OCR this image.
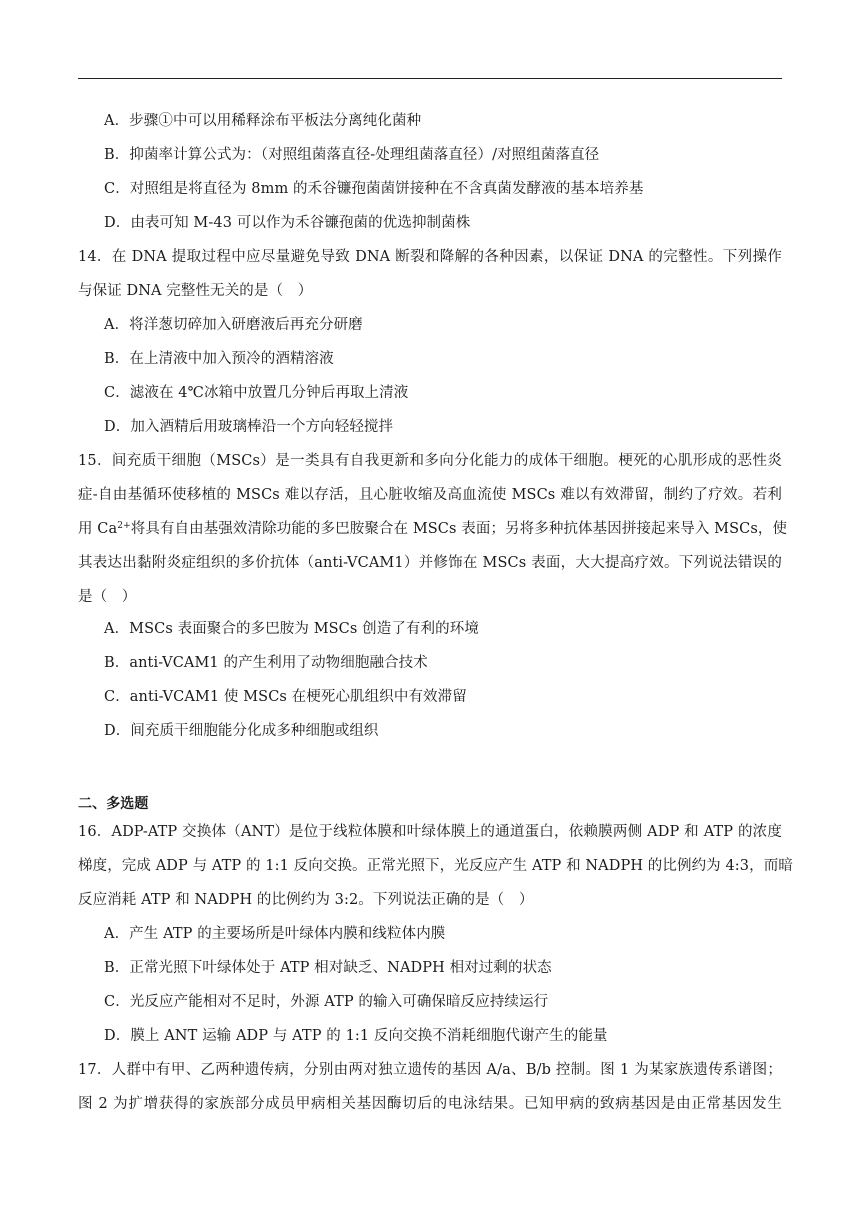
A．步骤①中可以用稀释涂布平板法分离纯化菌种
B．抑菌率计算公式为：（对照组菌落直径-处理组菌落直径）/对照组菌落直径
C．对照组是将直径为 8mm 的禾谷镰孢菌菌饼接种在不含真菌发酵液的基本培养基
D．由表可知 M-43 可以作为禾谷镰孢菌的优选抑制菌株
14．在 DNA 提取过程中应尽量避免导致 DNA 断裂和降解的各种因素，以保证 DNA 的完整性。下列操作
与保证 DNA 完整性无关的是（　）
A．将洋葱切碎加入研磨液后再充分研磨
B．在上清液中加入预冷的酒精溶液
C．滤液在 4℃冰箱中放置几分钟后再取上清液
D．加入酒精后用玻璃棒沿一个方向轻轻搅拌
15．间充质干细胞（MSCs）是一类具有自我更新和多向分化能力的成体干细胞。梗死的心肌形成的恶性炎
症-自由基循环使移植的 MSCs 难以存活，且心脏收缩及高血流使 MSCs 难以有效滞留，制约了疗效。若利
用 $Ca^{2+}$将具有自由基强效清除功能的多巴胺聚合在 MSCs 表面；另将多种抗体基因拼接起来导入 MSCs，使
其表达出黏附炎症组织的多价抗体（anti-VCAM1）并修饰在 MSCs 表面，大大提高疗效。下列说法错误的
是（　）
A．MSCs 表面聚合的多巴胺为 MSCs 创造了有利的环境
B．anti-VCAM1 的产生利用了动物细胞融合技术
C．anti-VCAM1 使 MSCs 在梗死心肌组织中有效滞留
D．间充质干细胞能分化成多种细胞或组织
二、多选题
16．ADP-ATP 交换体（ANT）是位于线粒体膜和叶绿体膜上的通道蛋白，依赖膜两侧 ADP 和 ATP 的浓度
梯度，完成 ADP 与 ATP 的 1:1 反向交换。正常光照下，光反应产生 ATP 和 NADPH 的比例约为 4:3，而暗
反应消耗 ATP 和 NADPH 的比例约为 3:2。下列说法正确的是（　）
A．产生 ATP 的主要场所是叶绿体内膜和线粒体内膜
B．正常光照下叶绿体处于 ATP 相对缺乏、NADPH 相对过剩的状态
C．光反应产能相对不足时，外源 ATP 的输入可确保暗反应持续运行
D．膜上 ANT 运输 ADP 与 ATP 的 1:1 反向交换不消耗细胞代谢产生的能量
17．人群中有甲、乙两种遗传病，分别由两对独立遗传的基因 A/a、B/b 控制。图 1 为某家族遗传系谱图；
图 2 为扩增获得的家族部分成员甲病相关基因酶切后的电泳结果。已知甲病的致病基因是由正常基因发生
